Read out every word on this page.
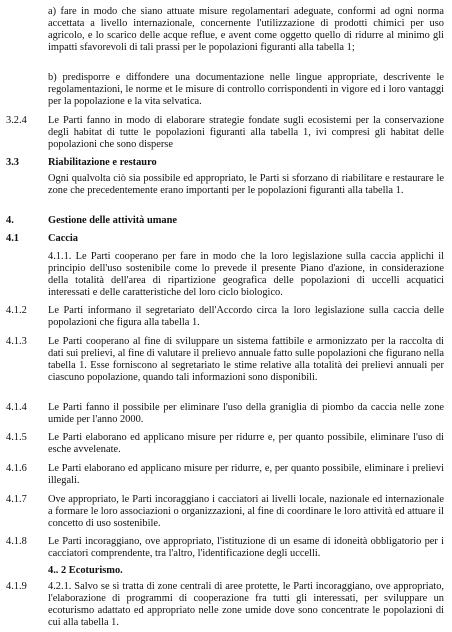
a) fare in modo che siano attuate misure regolamentari adeguate, conformi ad ogni norma accettata a livello internazionale, concernente l'utilizzazione di prodotti chimici per uso agricolo, e lo scarico delle acque reflue, e avent come oggetto quello di ridurre al minimo gli impatti sfavorevoli di tali prassi per le popolazioni figuranti alla tabella 1;

b) predisporre e diffondere una documentazione nelle lingue appropriate, descrivente le regolamentazioni, le norme et le misure di controllo corrispondenti in vigore ed i loro vantaggi per la popolazione e la vita selvatica.

3.2.4 Le Parti fanno in modo di elaborare strategie fondate sugli ecosistemi per la conservazione degli habitat di tutte le popolazioni figuranti alla tabella 1, ivi compresi gli habitat delle popolazioni che sono disperse

3.3	Riabilitazione e restauro

Ogni qualvolta ciò sia possibile ed appropriato, le Parti si sforzano di riabilitare e restaurare le zone che precedentemente erano importanti per le popolazioni figuranti alla tabella 1.

4.	Gestione delle attività umane
4.1	Caccia

4.1.1. Le Parti cooperano per fare in modo che la loro legislazione sulla caccia applichi il principio dell'uso sostenibile come lo prevede il presente Piano d'azione, in considerazione della totalità dell'area di ripartizione geografica delle popolazioni di uccelli acquatici interessati e delle caratteristiche del loro ciclo biologico.

4.1.2 Le Parti informano il segretariato dell'Accordo circa la loro legislazione sulla caccia delle popolazioni che figura alla tabella 1.

4.1.3 Le Parti cooperano al fine di sviluppare un sistema fattibile e armonizzato per la raccolta di dati sui prelievi, al fine di valutare il prelievo annuale fatto sulle popolazioni che figurano nella tabella 1. Esse forniscono al segretariato le stime relative alla totalità dei prelievi annuali per ciascuno popolazione, quando tali informazioni sono disponibili.

4.1.4 Le Parti fanno il possibile per eliminare l'uso della graniglia di piombo da caccia nelle zone umide per l'anno 2000.

4.1.5 Le Parti elaborano ed applicano misure per ridurre e, per quanto possibile, eliminare l'uso di esche avvelenate.

4.1.6 Le Parti elaborano ed applicano misure per ridurre, e, per quanto possibile, eliminare i prelievi illegali.

4.1.7 Ove appropriato, le Parti incoraggiano i cacciatori ai livelli locale, nazionale ed internazionale a formare le loro associazioni o organizzazioni, al fine di coordinare le loro attività ed attuare il concetto di uso sostenibile.

4.1.8 Le Parti incoraggiano, ove appropriato, l'istituzione di un esame di idoneità obbligatorio per i cacciatori comprendente, tra l'altro, l'identificazione degli uccelli.

4.. 2 Ecoturismo.
4.1.9 4.2.1. Salvo se si tratta di zone centrali di aree protette, le Parti incoraggiano, ove appropriato, l'elaborazione di programmi di cooperazione fra tutti gli interessati, per sviluppare un ecoturismo adattato ed appropriato nelle zone umide dove sono concentrate le popolazioni di cui alla tabella 1.
